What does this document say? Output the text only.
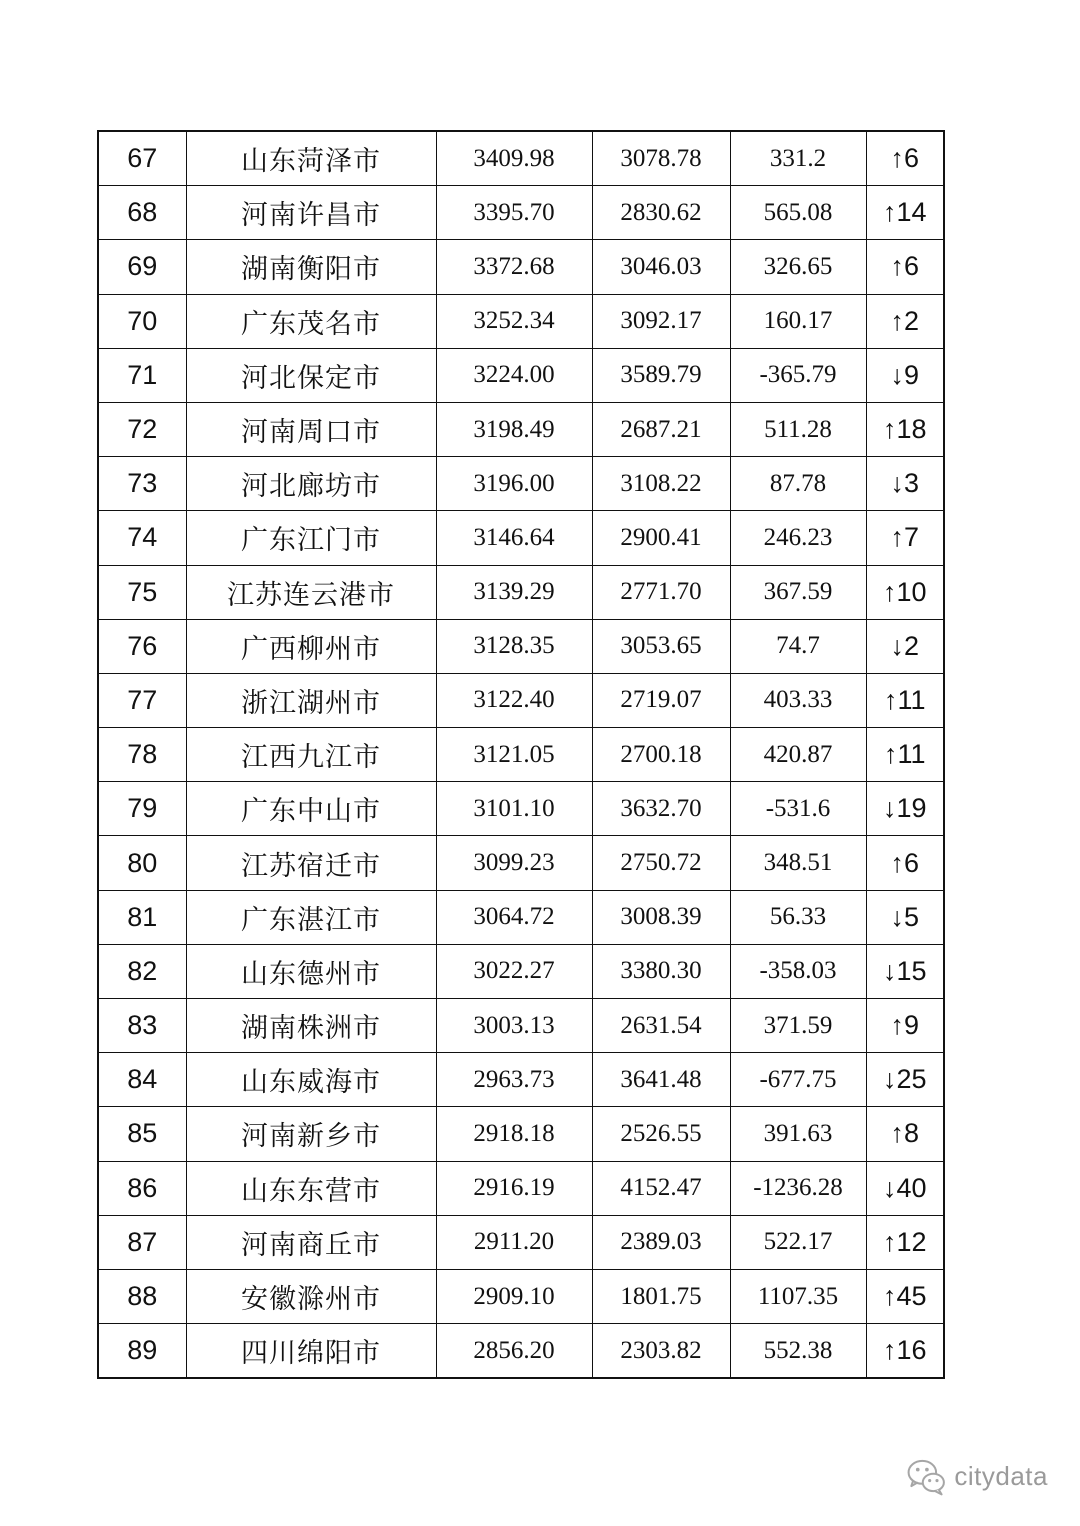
67	山东菏泽市	3409.98	3078.78	331.2	↑6
68	河南许昌市	3395.70	2830.62	565.08	↑14
69	湖南衡阳市	3372.68	3046.03	326.65	↑6
70	广东茂名市	3252.34	3092.17	160.17	↑2
71	河北保定市	3224.00	3589.79	-365.79	↓9
72	河南周口市	3198.49	2687.21	511.28	↑18
73	河北廊坊市	3196.00	3108.22	87.78	↓3
74	广东江门市	3146.64	2900.41	246.23	↑7
75	江苏连云港市	3139.29	2771.70	367.59	↑10
76	广西柳州市	3128.35	3053.65	74.7	↓2
77	浙江湖州市	3122.40	2719.07	403.33	↑11
78	江西九江市	3121.05	2700.18	420.87	↑11
79	广东中山市	3101.10	3632.70	-531.6	↓19
80	江苏宿迁市	3099.23	2750.72	348.51	↑6
81	广东湛江市	3064.72	3008.39	56.33	↓5
82	山东德州市	3022.27	3380.30	-358.03	↓15
83	湖南株洲市	3003.13	2631.54	371.59	↑9
84	山东威海市	2963.73	3641.48	-677.75	↓25
85	河南新乡市	2918.18	2526.55	391.63	↑8
86	山东东营市	2916.19	4152.47	-1236.28	↓40
87	河南商丘市	2911.20	2389.03	522.17	↑12
88	安徽滁州市	2909.10	1801.75	1107.35	↑45
89	四川绵阳市	2856.20	2303.82	552.38	↑16
citydata
